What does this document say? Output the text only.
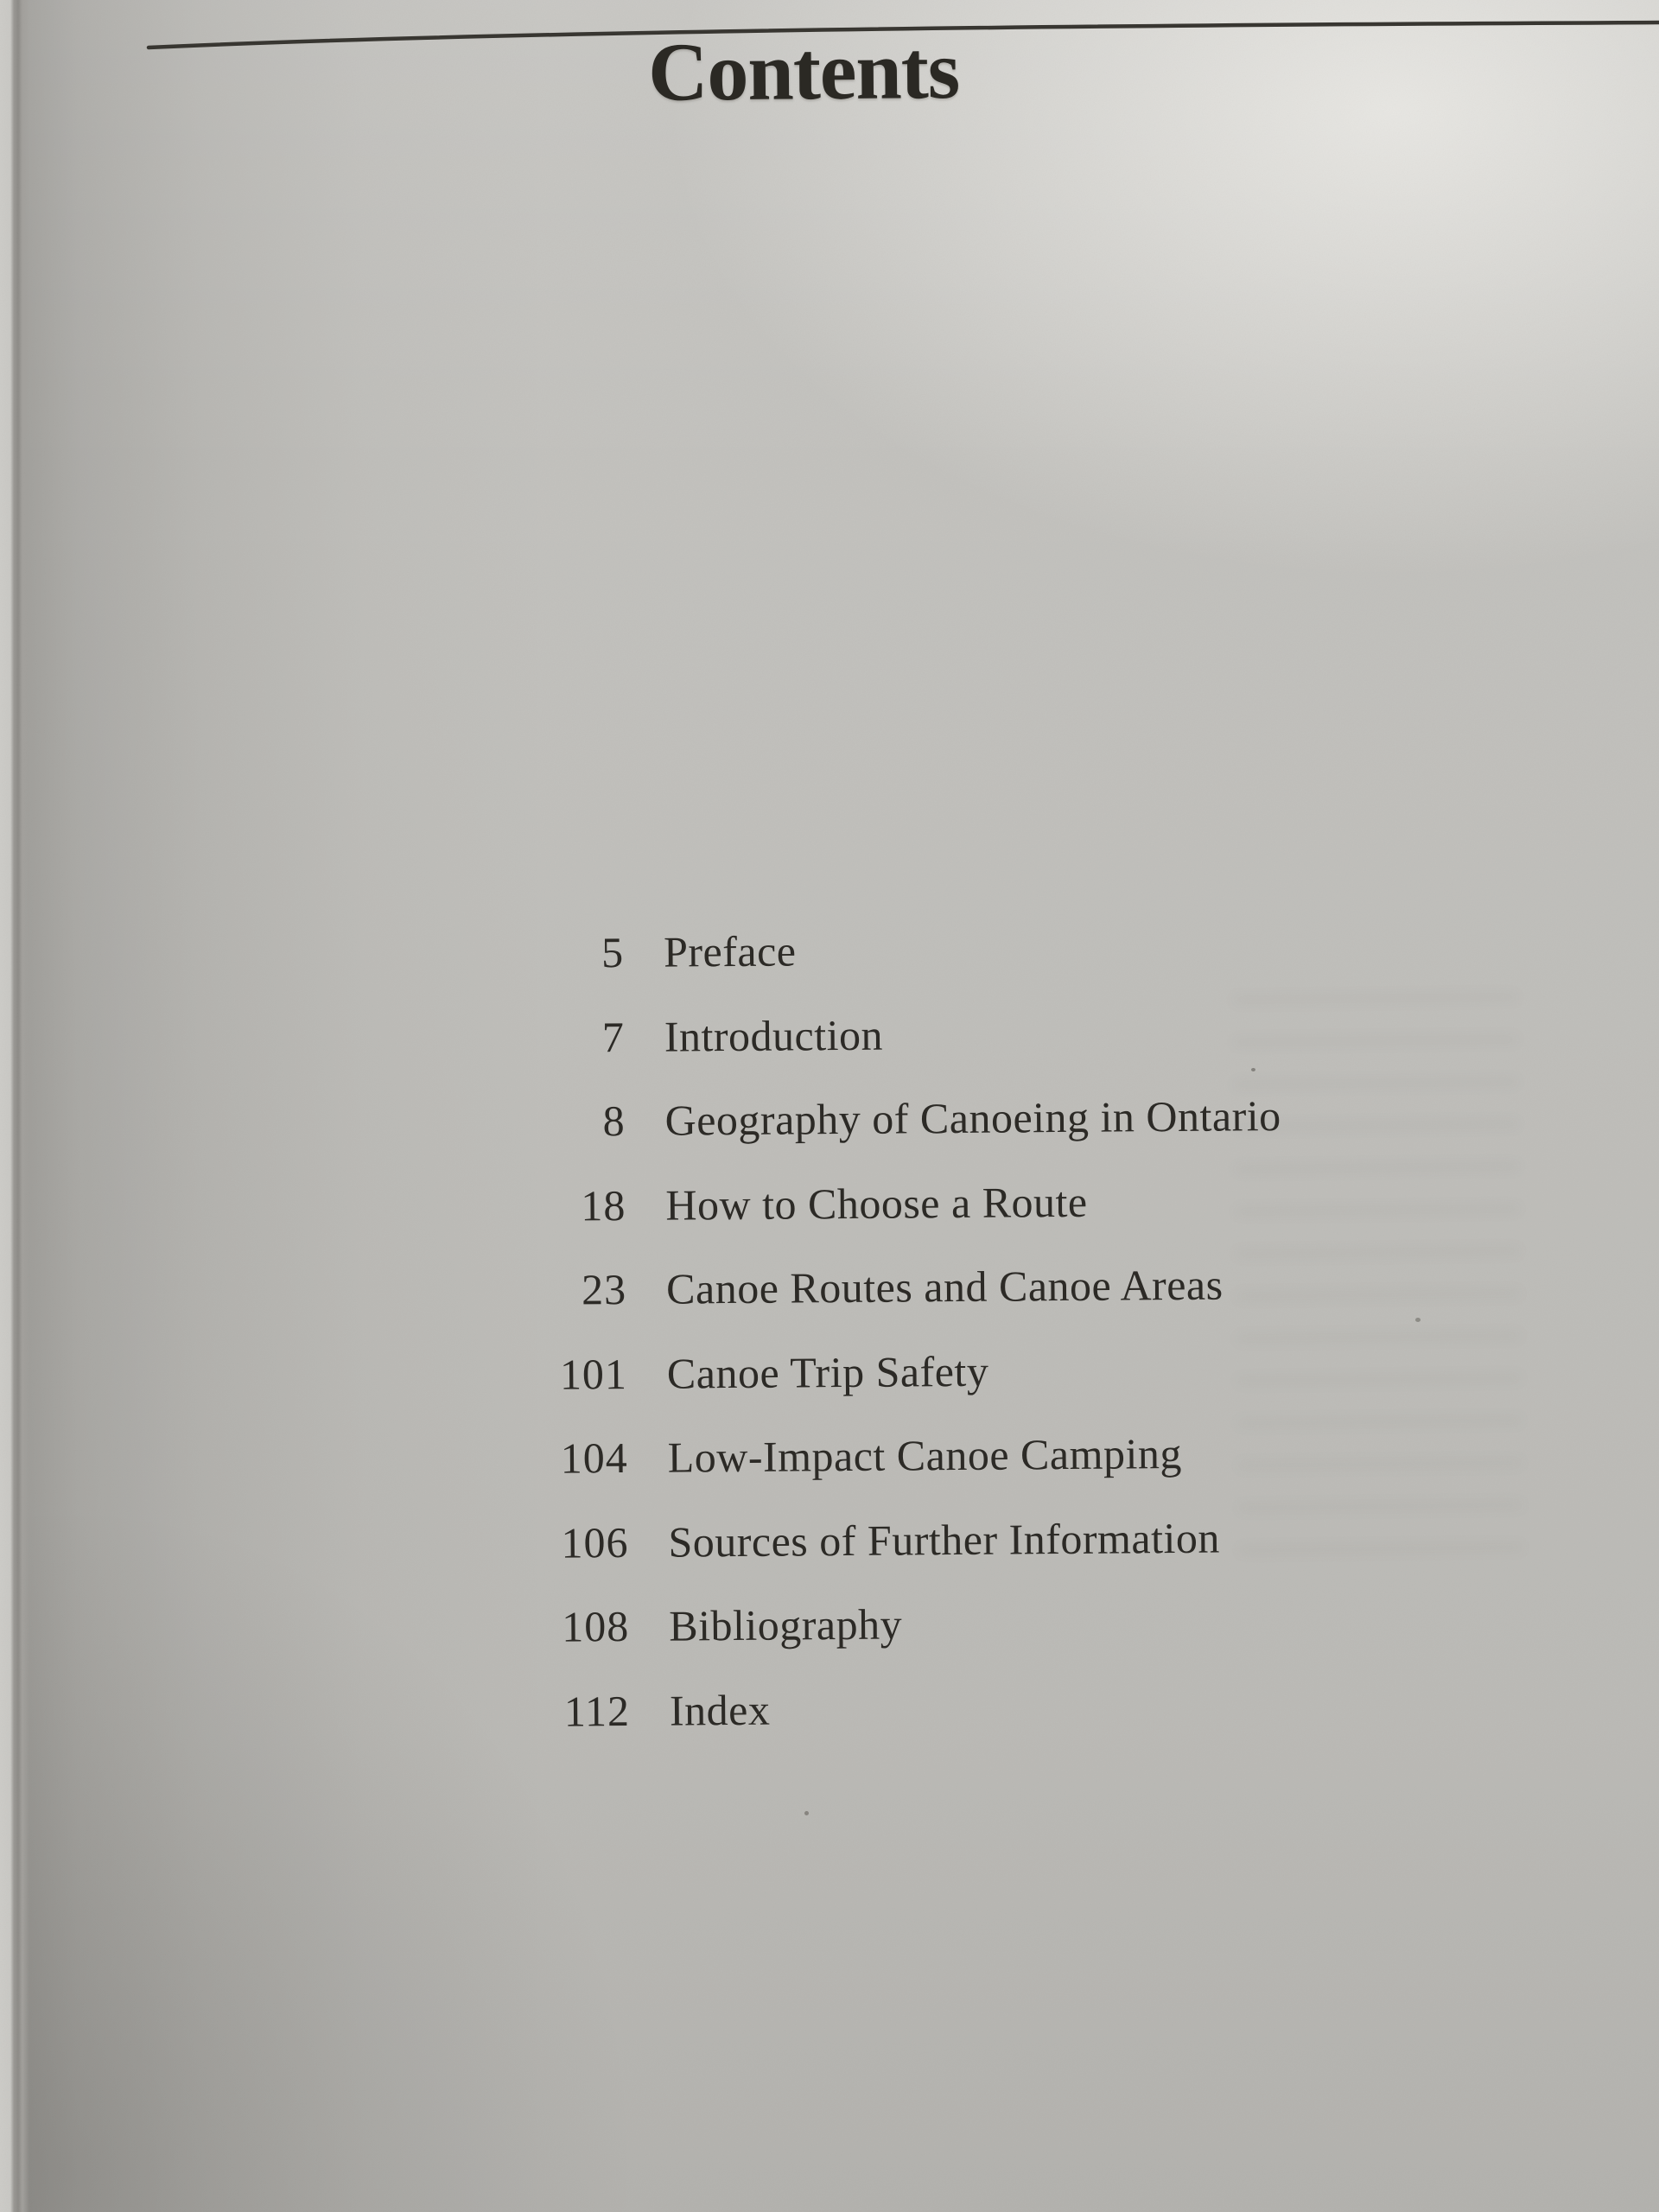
Contents
5 Preface
7 Introduction
8 Geography of Canoeing in Ontario
18 How to Choose a Route
23 Canoe Routes and Canoe Areas
101 Canoe Trip Safety
104 Low-Impact Canoe Camping
106 Sources of Further Information
108 Bibliography
112 Index
